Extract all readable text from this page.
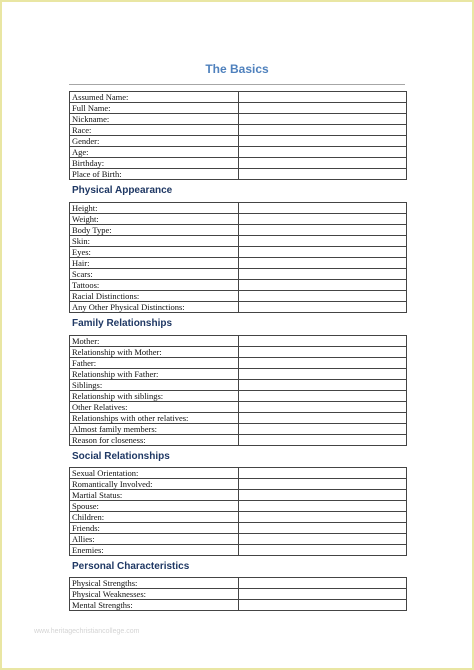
The Basics
Assumed Name:	
Full Name:	
Nickname:	
Race:	
Gender:	
Age:	
Birthday:	
Place of Birth:	
Physical Appearance
Height:	
Weight:	
Body Type:	
Skin:	
Eyes:	
Hair:	
Scars:	
Tattoos:	
Racial Distinctions:	
Any Other Physical Distinctions:	
Family Relationships
Mother:	
Relationship with Mother:	
Father:	
Relationship with Father:	
Siblings:	
Relationship with siblings:	
Other Relatives:	
Relationships with other relatives:	
Almost family members:	
Reason for closeness:	
Social Relationships
Sexual Orientation:	
Romantically Involved:	
Martial Status:	
Spouse:	
Children:	
Friends:	
Allies:	
Enemies:	
Personal Characteristics
Physical Strengths:	
Physical Weaknesses:	
Mental Strengths:	
www.heritagechristiancollege.com
